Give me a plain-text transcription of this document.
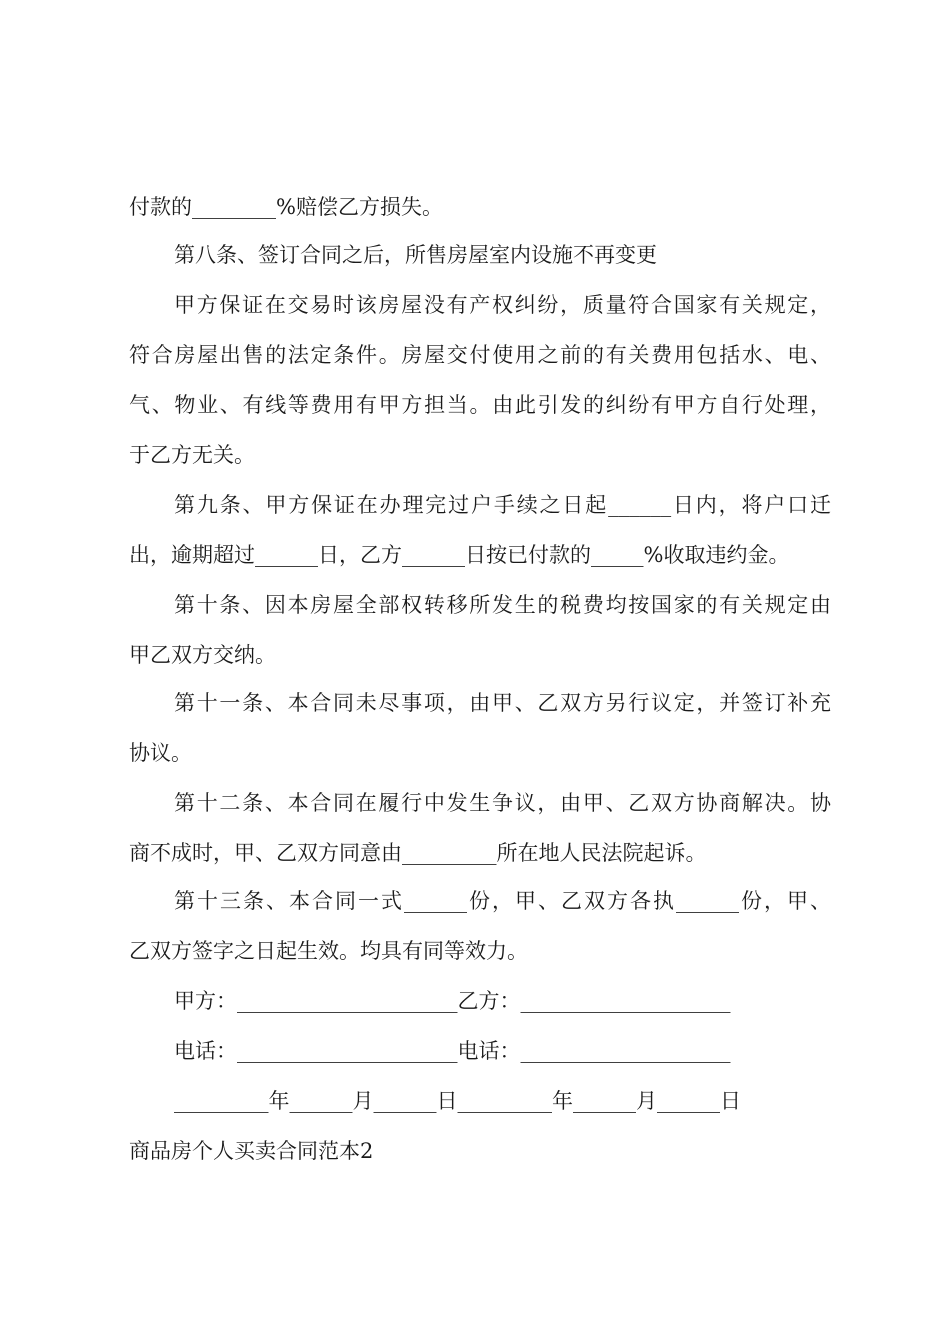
付款的________%赔偿乙方损失。
第八条、签订合同之后，所售房屋室内设施不再变更
甲方保证在交易时该房屋没有产权纠纷，质量符合国家有关规定，
符合房屋出售的法定条件。房屋交付使用之前的有关费用包括水、电、
气、物业、有线等费用有甲方担当。由此引发的纠纷有甲方自行处理，
于乙方无关。
第九条、甲方保证在办理完过户手续之日起______日内，将户口迁
出，逾期超过______日，乙方______日按已付款的_____%收取违约金。
第十条、因本房屋全部权转移所发生的税费均按国家的有关规定由
甲乙双方交纳。
第十一条、本合同未尽事项，由甲、乙双方另行议定，并签订补充
协议。
第十二条、本合同在履行中发生争议，由甲、乙双方协商解决。协
商不成时，甲、乙双方同意由_________所在地人民法院起诉。
第十三条、本合同一式______份，甲、乙双方各执______份，甲、
乙双方签字之日起生效。均具有同等效力。
甲方：_____________________乙方：____________________
电话：_____________________电话：____________________
_________年______月______日_________年______月______日
商品房个人买卖合同范本2
